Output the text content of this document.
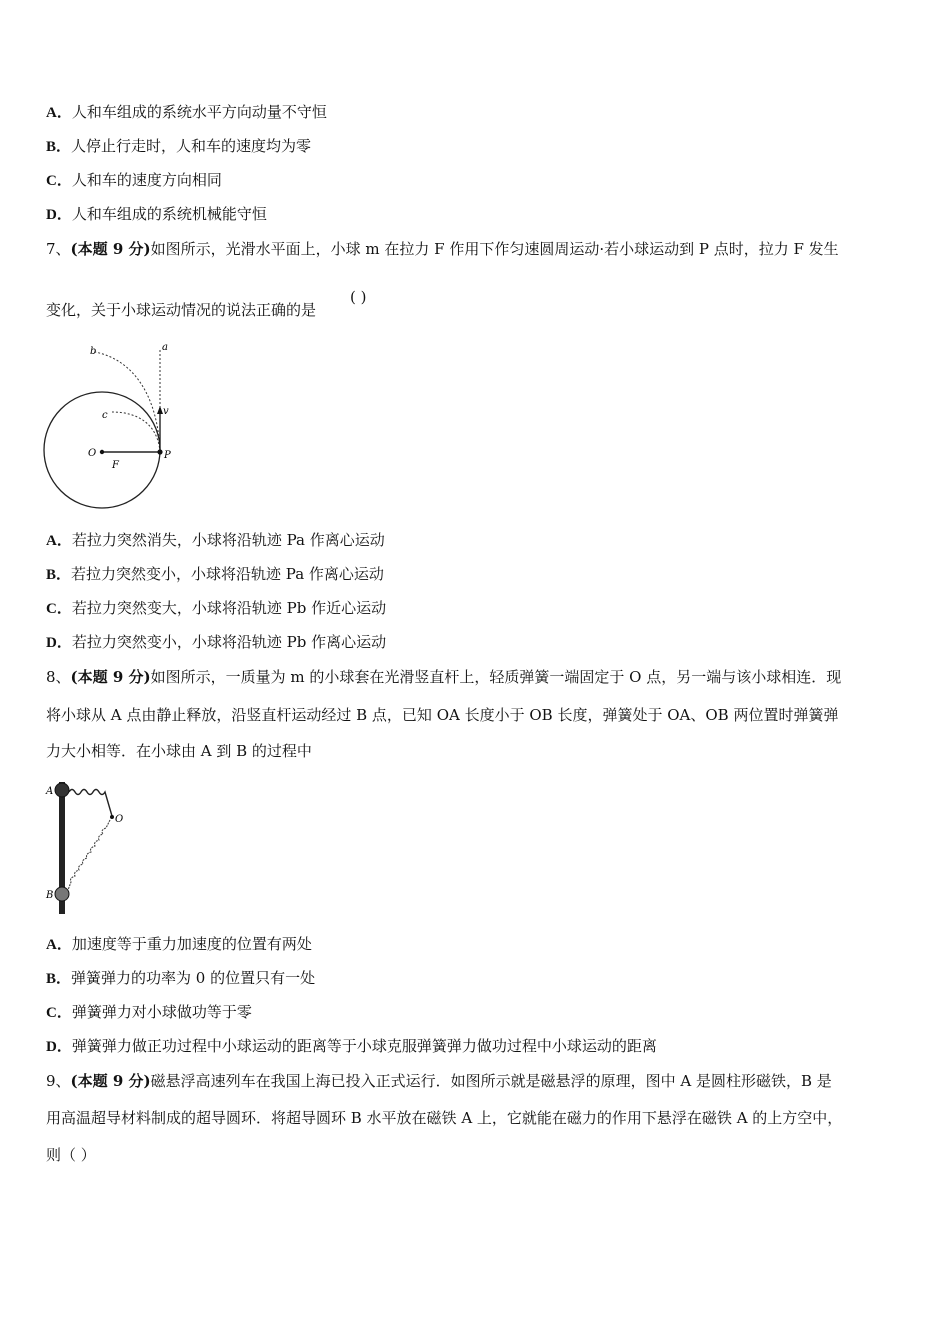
A．人和车组成的系统水平方向动量不守恒
B．人停止行走时，人和车的速度均为零
C．人和车的速度方向相同
D．人和车组成的系统机械能守恒
7、(本题 9 分)如图所示，光滑水平面上，小球 m 在拉力 F 作用下作匀速圆周运动·若小球运动到 P 点时，拉力 F 发生
变化，关于小球运动情况的说法正确的是
( )
b	a
c	v
O
F
P
A．若拉力突然消失，小球将沿轨迹 Pa 作离心运动
B．若拉力突然变小，小球将沿轨迹 Pa 作离心运动
C．若拉力突然变大，小球将沿轨迹 Pb 作近心运动
D．若拉力突然变小，小球将沿轨迹 Pb 作离心运动
8、(本题 9 分)如图所示，一质量为 m 的小球套在光滑竖直杆上，轻质弹簧一端固定于 O 点，另一端与该小球相连．现
将小球从 A 点由静止释放，沿竖直杆运动经过 B 点，已知 OA 长度小于 OB 长度，弹簧处于 OA、OB 两位置时弹簧弹
力大小相等．在小球由 A 到 B 的过程中
A
B
O
A．加速度等于重力加速度的位置有两处
B．弹簧弹力的功率为 0 的位置只有一处
C．弹簧弹力对小球做功等于零
D．弹簧弹力做正功过程中小球运动的距离等于小球克服弹簧弹力做功过程中小球运动的距离
9、(本题 9 分)磁悬浮高速列车在我国上海已投入正式运行．如图所示就是磁悬浮的原理，图中 A 是圆柱形磁铁，B 是
用高温超导材料制成的超导圆环．将超导圆环 B 水平放在磁铁 A 上，它就能在磁力的作用下悬浮在磁铁 A 的上方空中，
则（ ）
